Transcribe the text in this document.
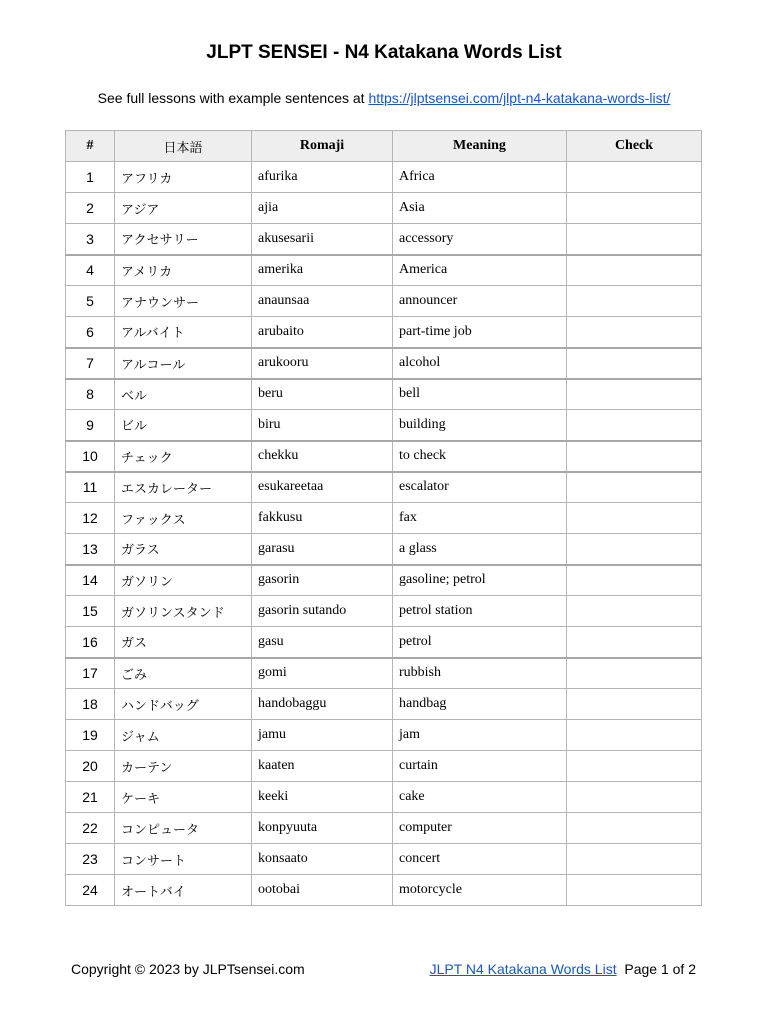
JLPT SENSEI - N4 Katakana Words List
See full lessons with example sentences at https://jlptsensei.com/jlpt-n4-katakana-words-list/
#	日本語	Romaji	Meaning	Check
1	アフリカ	afurika	Africa	
2	アジア	ajia	Asia	
3	アクセサリー	akusesarii	accessory	
4	アメリカ	amerika	America	
5	アナウンサー	anaunsaa	announcer	
6	アルバイト	arubaito	part-time job	
7	アルコール	arukooru	alcohol	
8	ベル	beru	bell	
9	ビル	biru	building	
10	チェック	chekku	to check	
11	エスカレーター	esukareetaa	escalator	
12	ファックス	fakkusu	fax	
13	ガラス	garasu	a glass	
14	ガソリン	gasorin	gasoline; petrol	
15	ガソリンスタンド	gasorin sutando	petrol station	
16	ガス	gasu	petrol	
17	ごみ	gomi	rubbish	
18	ハンドバッグ	handobaggu	handbag	
19	ジャム	jamu	jam	
20	カーテン	kaaten	curtain	
21	ケーキ	keeki	cake	
22	コンピュータ	konpyuuta	computer	
23	コンサート	konsaato	concert	
24	オートバイ	ootobai	motorcycle	
Copyright © 2023 by JLPTsensei.com	JLPT N4 Katakana Words List Page 1 of 2
